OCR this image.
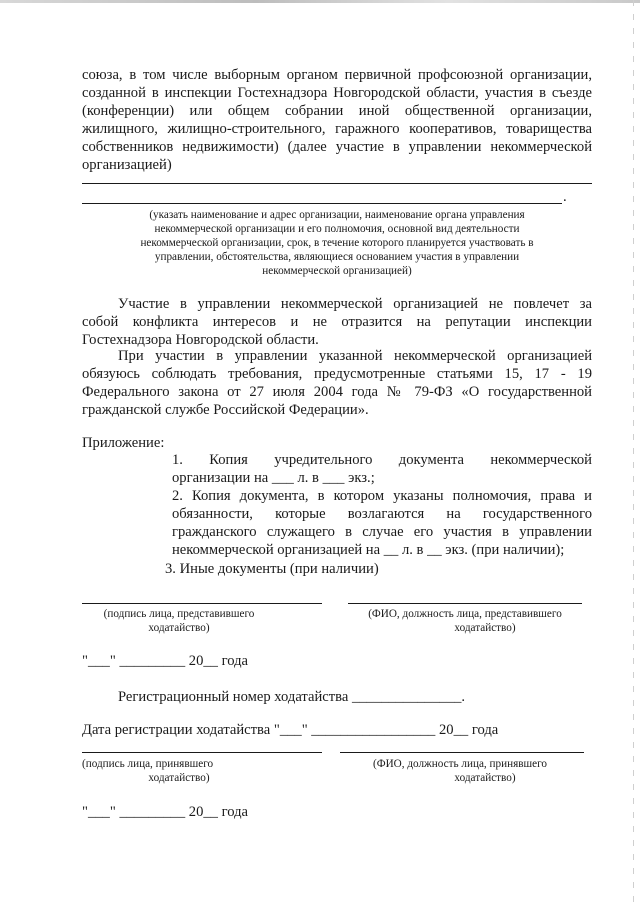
союза, в том числе выборным органом первичной профсоюзной организации,
созданной в инспекции Гостехнадзора Новгородской области, участия в съезде
(конференции) или общем собрании иной общественной организации,
жилищного, жилищно-строительного, гаражного кооперативов, товарищества
собственников недвижимости) (далее участие в управлении некоммерческой
организацией)
.
(указать наименование и адрес организации, наименование органа управления
некоммерческой организации и его полномочия, основной вид деятельности
некоммерческой организации, срок, в течение которого планируется участвовать в
управлении, обстоятельства, являющиеся основанием участия в управлении
некоммерческой организацией)
Участие в управлении некоммерческой организацией не повлечет за
собой конфликта интересов и не отразится на репутации инспекции
Гостехнадзора Новгородской области.
При участии в управлении указанной некоммерческой организацией
обязуюсь соблюдать требования, предусмотренные статьями 15, 17 - 19
Федерального закона от 27 июля 2004 года № 79-ФЗ «О государственной
гражданской службе Российской Федерации».
Приложение:
1. Копия учредительного документа некоммерческой
организации на ___ л. в ___ экз.;
2. Копия документа, в котором указаны полномочия, права и
обязанности, которые возлагаются на государственного
гражданского служащего в случае его участия в управлении
некоммерческой организацией на __ л. в __ экз. (при наличии);
3. Иные документы (при наличии)
(подпись лица, представившего
ходатайство)
(ФИО, должность лица, представившего
ходатайство)
"___" _________ 20__ года
Регистрационный номер ходатайства _______________.
Дата регистрации ходатайства "___" _________________ 20__ года
(подпись лица, принявшего
ходатайство)
(ФИО, должность лица, принявшего
ходатайство)
"___" _________ 20__ года
